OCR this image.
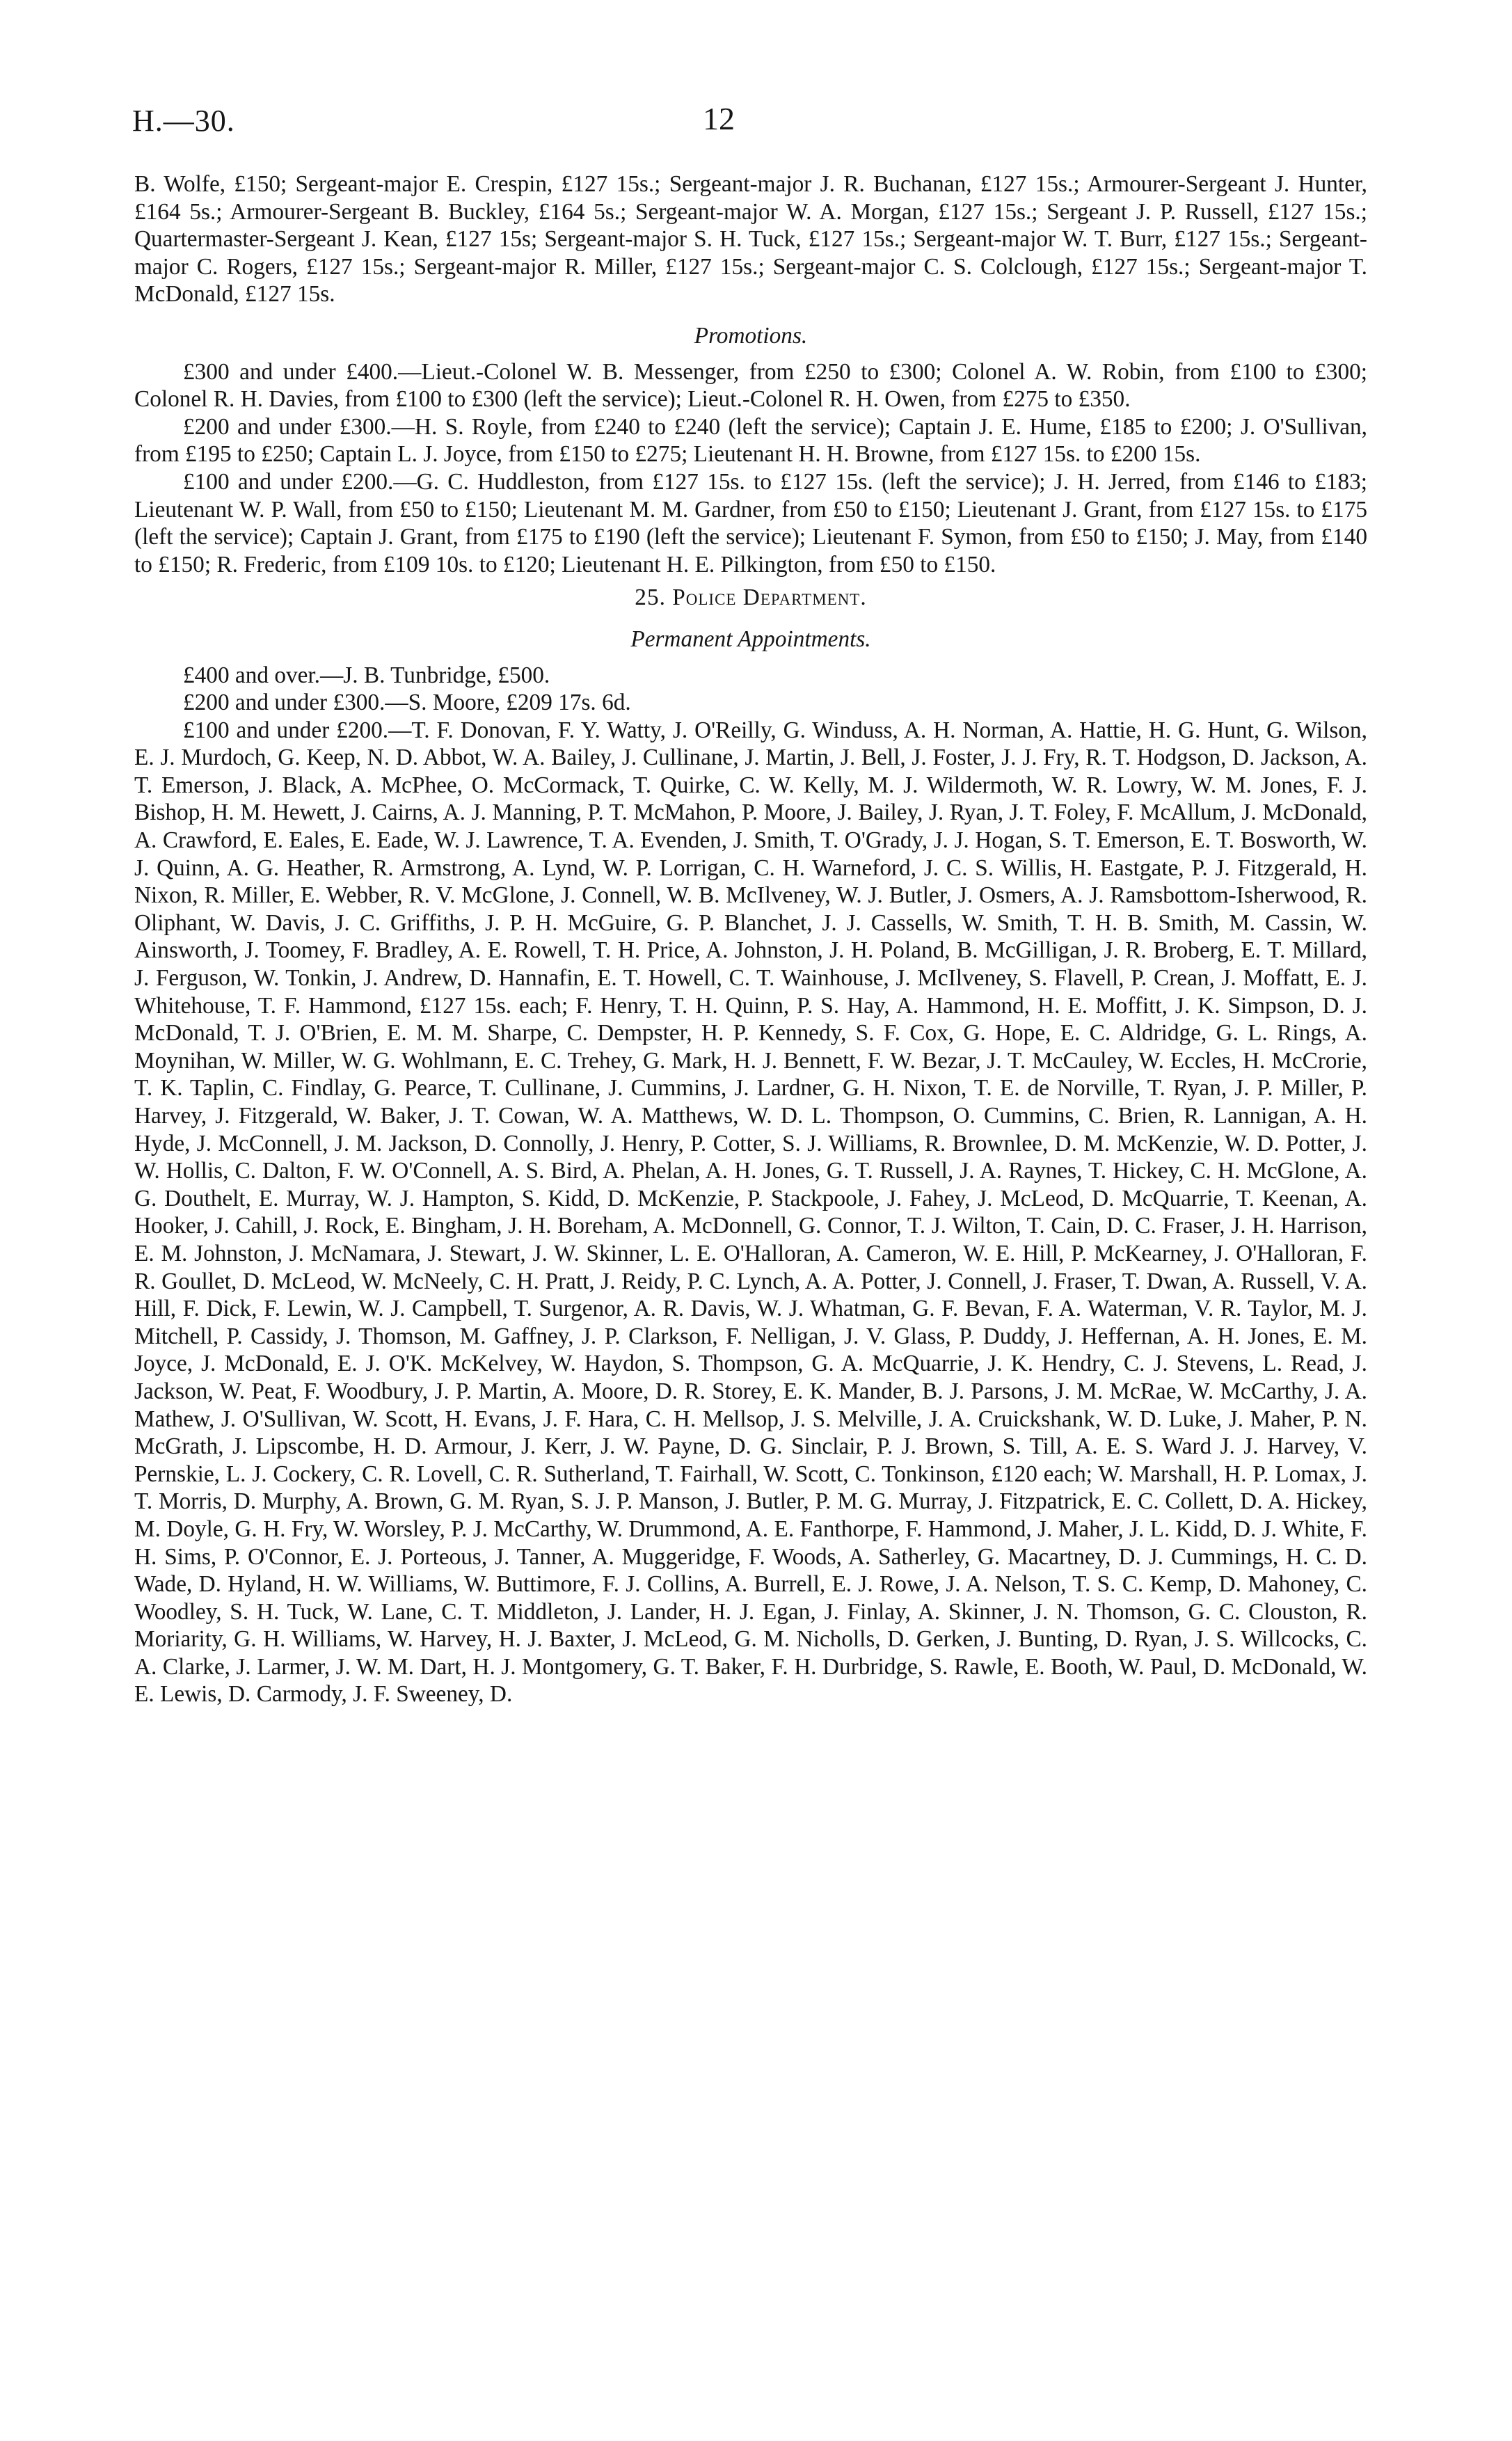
H.—30.	12

B. Wolfe, £150; Sergeant-major E. Crespin, £127 15s.; Sergeant-major J. R. Buchanan, £127 15s.; Armourer-Sergeant J. Hunter, £164 5s.; Armourer-Sergeant B. Buckley, £164 5s.; Sergeant-major W. A. Morgan, £127 15s.; Sergeant J. P. Russell, £127 15s.; Quartermaster-Sergeant J. Kean, £127 15s; Sergeant-major S. H. Tuck, £127 15s.; Sergeant-major W. T. Burr, £127 15s.; Sergeant-major C. Rogers, £127 15s.; Sergeant-major R. Miller, £127 15s.; Sergeant-major C. S. Colclough, £127 15s.; Sergeant-major T. McDonald, £127 15s.

Promotions.

£300 and under £400.—Lieut.-Colonel W. B. Messenger, from £250 to £300; Colonel A. W. Robin, from £100 to £300; Colonel R. H. Davies, from £100 to £300 (left the service); Lieut.-Colonel R. H. Owen, from £275 to £350.

£200 and under £300.—H. S. Royle, from £240 to £240 (left the service); Captain J. E. Hume, £185 to £200; J. O'Sullivan, from £195 to £250; Captain L. J. Joyce, from £150 to £275; Lieutenant H. H. Browne, from £127 15s. to £200 15s.

£100 and under £200.—G. C. Huddleston, from £127 15s. to £127 15s. (left the service); J. H. Jerred, from £146 to £183; Lieutenant W. P. Wall, from £50 to £150; Lieutenant M. M. Gardner, from £50 to £150; Lieutenant J. Grant, from £127 15s. to £175 (left the service); Captain J. Grant, from £175 to £190 (left the service); Lieutenant F. Symon, from £50 to £150; J. May, from £140 to £150; R. Frederic, from £109 10s. to £120; Lieutenant H. E. Pilkington, from £50 to £150.

25. Police Department.
Permanent Appointments.

£400 and over.—J. B. Tunbridge, £500.

£200 and under £300.—S. Moore, £209 17s. 6d.

£100 and under £200.—T. F. Donovan, F. Y. Watty, J. O'Reilly, G. Winduss, A. H. Norman, A. Hattie, H. G. Hunt, G. Wilson, E. J. Murdoch, G. Keep, N. D. Abbot, W. A. Bailey, J. Cullinane, J. Martin, J. Bell, J. Foster, J. J. Fry, R. T. Hodgson, D. Jackson, A. T. Emerson, J. Black, A. McPhee, O. McCormack, T. Quirke, C. W. Kelly, M. J. Wildermoth, W. R. Lowry, W. M. Jones, F. J. Bishop, H. M. Hewett, J. Cairns, A. J. Manning, P. T. McMahon, P. Moore, J. Bailey, J. Ryan, J. T. Foley, F. McAllum, J. McDonald, A. Crawford, E. Eales, E. Eade, W. J. Lawrence, T. A. Evenden, J. Smith, T. O'Grady, J. J. Hogan, S. T. Emerson, E. T. Bosworth, W. J. Quinn, A. G. Heather, R. Armstrong, A. Lynd, W. P. Lorrigan, C. H. Warneford, J. C. S. Willis, H. Eastgate, P. J. Fitzgerald, H. Nixon, R. Miller, E. Webber, R. V. McGlone, J. Connell, W. B. McIlveney, W. J. Butler, J. Osmers, A. J. Ramsbottom-Isherwood, R. Oliphant, W. Davis, J. C. Griffiths, J. P. H. McGuire, G. P. Blanchet, J. J. Cassells, W. Smith, T. H. B. Smith, M. Cassin, W. Ainsworth, J. Toomey, F. Bradley, A. E. Rowell, T. H. Price, A. Johnston, J. H. Poland, B. McGilligan, J. R. Broberg, E. T. Millard, J. Ferguson, W. Tonkin, J. Andrew, D. Hannafin, E. T. Howell, C. T. Wainhouse, J. McIlveney, S. Flavell, P. Crean, J. Moffatt, E. J. Whitehouse, T. F. Hammond, £127 15s. each; F. Henry, T. H. Quinn, P. S. Hay, A. Hammond, H. E. Moffitt, J. K. Simpson, D. J. McDonald, T. J. O'Brien, E. M. M. Sharpe, C. Dempster, H. P. Kennedy, S. F. Cox, G. Hope, E. C. Aldridge, G. L. Rings, A. Moynihan, W. Miller, W. G. Wohlmann, E. C. Trehey, G. Mark, H. J. Bennett, F. W. Bezar, J. T. McCauley, W. Eccles, H. McCrorie, T. K. Taplin, C. Findlay, G. Pearce, T. Cullinane, J. Cummins, J. Lardner, G. H. Nixon, T. E. de Norville, T. Ryan, J. P. Miller, P. Harvey, J. Fitzgerald, W. Baker, J. T. Cowan, W. A. Matthews, W. D. L. Thompson, O. Cummins, C. Brien, R. Lannigan, A. H. Hyde, J. McConnell, J. M. Jackson, D. Connolly, J. Henry, P. Cotter, S. J. Williams, R. Brownlee, D. M. McKenzie, W. D. Potter, J. W. Hollis, C. Dalton, F. W. O'Connell, A. S. Bird, A. Phelan, A. H. Jones, G. T. Russell, J. A. Raynes, T. Hickey, C. H. McGlone, A. G. Douthelt, E. Murray, W. J. Hampton, S. Kidd, D. McKenzie, P. Stackpoole, J. Fahey, J. McLeod, D. McQuarrie, T. Keenan, A. Hooker, J. Cahill, J. Rock, E. Bingham, J. H. Boreham, A. McDonnell, G. Connor, T. J. Wilton, T. Cain, D. C. Fraser, J. H. Harrison, E. M. Johnston, J. McNamara, J. Stewart, J. W. Skinner, L. E. O'Halloran, A. Cameron, W. E. Hill, P. McKearney, J. O'Halloran, F. R. Goullet, D. McLeod, W. McNeely, C. H. Pratt, J. Reidy, P. C. Lynch, A. A. Potter, J. Connell, J. Fraser, T. Dwan, A. Russell, V. A. Hill, F. Dick, F. Lewin, W. J. Campbell, T. Surgenor, A. R. Davis, W. J. Whatman, G. F. Bevan, F. A. Waterman, V. R. Taylor, M. J. Mitchell, P. Cassidy, J. Thomson, M. Gaffney, J. P. Clarkson, F. Nelligan, J. V. Glass, P. Duddy, J. Heffernan, A. H. Jones, E. M. Joyce, J. McDonald, E. J. O'K. McKelvey, W. Haydon, S. Thompson, G. A. McQuarrie, J. K. Hendry, C. J. Stevens, L. Read, J. Jackson, W. Peat, F. Woodbury, J. P. Martin, A. Moore, D. R. Storey, E. K. Mander, B. J. Parsons, J. M. McRae, W. McCarthy, J. A. Mathew, J. O'Sullivan, W. Scott, H. Evans, J. F. Hara, C. H. Mellsop, J. S. Melville, J. A. Cruickshank, W. D. Luke, J. Maher, P. N. McGrath, J. Lipscombe, H. D. Armour, J. Kerr, J. W. Payne, D. G. Sinclair, P. J. Brown, S. Till, A. E. S. Ward J. J. Harvey, V. Pernskie, L. J. Cockery, C. R. Lovell, C. R. Sutherland, T. Fairhall, W. Scott, C. Tonkinson, £120 each; W. Marshall, H. P. Lomax, J. T. Morris, D. Murphy, A. Brown, G. M. Ryan, S. J. P. Manson, J. Butler, P. M. G. Murray, J. Fitzpatrick, E. C. Collett, D. A. Hickey, M. Doyle, G. H. Fry, W. Worsley, P. J. McCarthy, W. Drummond, A. E. Fanthorpe, F. Hammond, J. Maher, J. L. Kidd, D. J. White, F. H. Sims, P. O'Connor, E. J. Porteous, J. Tanner, A. Muggeridge, F. Woods, A. Satherley, G. Macartney, D. J. Cummings, H. C. D. Wade, D. Hyland, H. W. Williams, W. Buttimore, F. J. Collins, A. Burrell, E. J. Rowe, J. A. Nelson, T. S. C. Kemp, D. Mahoney, C. Woodley, S. H. Tuck, W. Lane, C. T. Middleton, J. Lander, H. J. Egan, J. Finlay, A. Skinner, J. N. Thomson, G. C. Clouston, R. Moriarity, G. H. Williams, W. Harvey, H. J. Baxter, J. McLeod, G. M. Nicholls, D. Gerken, J. Bunting, D. Ryan, J. S. Willcocks, C. A. Clarke, J. Larmer, J. W. M. Dart, H. J. Montgomery, G. T. Baker, F. H. Durbridge, S. Rawle, E. Booth, W. Paul, D. McDonald, W. E. Lewis, D. Carmody, J. F. Sweeney, D.
